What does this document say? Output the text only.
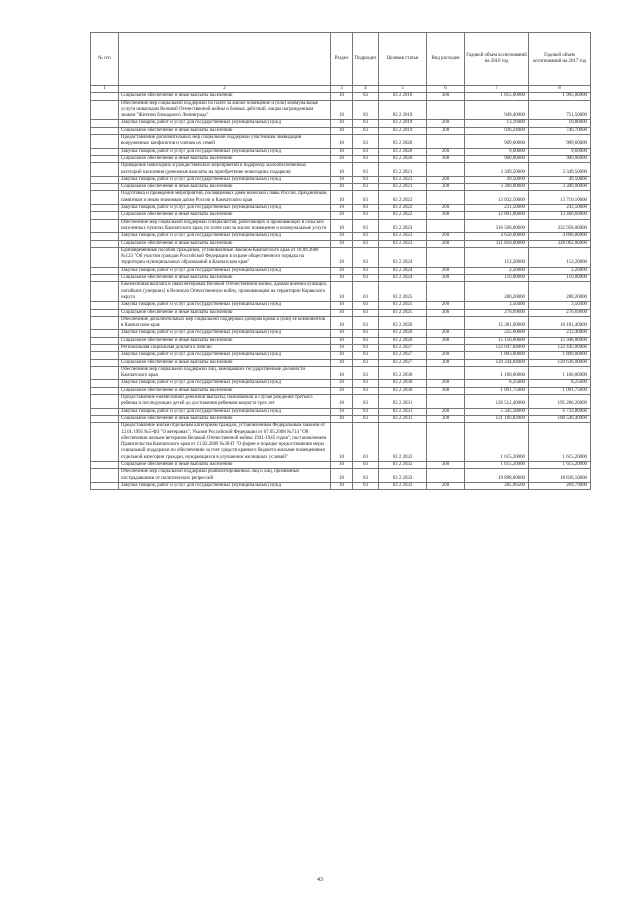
№ п/п		Раздел	Подраздел	Целевая статья	Вид расходов	Годовой объем ассигнований на 2016 год	Годовой объем ассигнований на 2017 год
1	2	3	4	5	6	7	8

	Социальное обеспечение и иные выплаты населению	10	03	03 2 2018	300	1 815,00000	1 905,00000

	Обеспечение мер социальной поддержки по плате за жилое помещение и (или) коммунальные услуги инвалидам Великой Отечественной войны и боевых действий, лицам награжденным знаком "Жителю блокадного Ленинграда"	10	03	03 2 2019		949,40000	751,50000

	Закупка товаров, работ и услуг для государственных (муниципальных) нужд	10	03	03 2 2019	200	13,16000	10,80000

	Социальное обеспечение и иные выплаты населению	10	03	03 2 2019	300	936,24000	740,70000

	Предоставление дополнительных мер социальной поддержки участникам ликвидации вооруженных конфликтов и членам их семей	10	03	03 2 2020		909,60000	909,60000

	Закупка товаров, работ и услуг для государственных (муниципальных) нужд	10	03	03 2 2020	200	9,60000	9,60000

	Социальное обеспечение и иные выплаты населению	10	03	03 2 2020	300	900,00000	900,00000

	Проведение новогодних и рождественских мероприятий в подарочку малообеспеченных категорий населения (денежные выплаты на приобретение новогодних подарков)	10	03	03 2 2021		3 349,50000	3 349,50000

	Закупка товаров, работ и услуг для государственных (муниципальных) нужд	10	03	03 2 2021	200	49,50000	49,50000

	Социальное обеспечение и иные выплаты населению	10	03	03 2 2021	300	3 300,00000	3 300,00000

	Подготовка и проведение мероприятий, посвященных дням воинской славы России, праздничным, памятным и иным значимым датам России и Камчатского края	10	03	03 2 2022		13 032,50000	13 710,10000

	Закупка товаров, работ и услуг для государственных (муниципальных) нужд	10	03	03 2 2022	200	231,50000	243,50000

	Социальное обеспечение и иные выплаты населению	10	03	03 2 2022	300	12 801,00000	13 466,60000

	Обеспечение мер социальной поддержки специалистов, работающих и проживающих в сельских населенных пунктах Камчатского края, по плате или за жилое помещение и коммунальные услуги	10	03	03 2 2023		316 500,00000	332 958,00000

	Закупка товаров, работ и услуг для государственных (муниципальных) нужд	10	03	03 2 2023	200	4 650,00000	4 896,00000

	Социальное обеспечение и иные выплаты населению	10	03	03 2 2023	300	311 850,00000	328 062,00000

	Единовременные пособия гражданам, установленные Законом Камчатского края от 18.09.2008 №123 "Об участии граждан Российской Федерации в охране общественного порядка на территории муниципальных образований в Камчатском крае"	10	03	03 2 2024		112,20000	112,20000

	Закупка товаров, работ и услуг для государственных (муниципальных) нужд	10	03	03 2 2024	200	2,20000	2,20000

	Социальное обеспечение и иные выплаты населению	10	03	03 2 2024	300	110,00000	110,00000

	Ежемесячная выплата в связи ветеранам Великой Отечественной войны, вдовам военнослужащих, погибших (умерших) в Великую Отечественную войну, проживающим на территории Корякского округа	10	03	03 2 2025		280,20000	280,20000

	Закупка товаров, работ и услуг для государственных (муниципальных) нужд	10	03	03 2 2025	200	3,50400	3,50400

	Социальное обеспечение и иные выплаты населению	10	03	03 2 2025	300	276,69600	276,69600

	Обеспечение дополнительных мер социальной поддержки донорам крови и (или) ее компонентов в Камчатском крае	10	03	03 2 2026		15 381,60000	16 181,40000

	Закупка товаров, работ и услуг для государственных (муниципальных) нужд	10	03	03 2 2026	200	225,60000	233,40000

	Социальное обеспечение и иные выплаты населению	10	03	03 2 2026	300	15 156,00000	15 948,00000

	Региональная социальная доплата к пенсии	10	03	03 2 2027		122 047,84000	122 445,00000

	Закупка товаров, работ и услуг для государственных (муниципальных) нужд	10	03	03 2 2027	200	1 803,00000	1 809,00000

	Социальное обеспечение и иные выплаты населению	10	03	03 2 2027	300	120 244,84000	120 636,00000

	Обеспечение мер социальной поддержки лиц, замещавших государственные должности Камчатского края	10	03	03 2 2030		1 100,00000	1 100,00000

	Закупка товаров, работ и услуг для государственных (муниципальных) нужд	10	03	03 2 2030	200	8,25000	8,25000

	Социальное обеспечение и иные выплаты населению	10	03	03 2 2030	300	1 091,75000	1 091,75000

	Предоставление ежемесячной денежной выплаты, назначаемой в случае рождения третьего ребенка и последующих детей до достижения ребенком возраста трех лет	10	03	03 2 2031		126 512,40000	195 280,20000

	Закупка товаров, работ и услуг для государственных (муниципальных) нужд	10	03	03 2 2031	200	5 345,58000	6 733,80000

	Социальное обеспечение и иные выплаты населению	10	03	03 2 2031	300	121 166,82000	188 546,40000

	Предоставление жилья отдельным категориям граждан, установленным Федеральным законом от 12.01.1995 №5-ФЗ "О ветеранах", Указом Российской Федерации от 07.05.2008 №714 "Об обеспечении жильем ветеранов Великой Отечественной войны 1941-1945 годов", постановлением Правительства Камчатского края от 11.02.2009 №30-П "О форме и порядке предоставления меры социальной поддержки по обеспечению за счет средств краевого бюджета жилыми помещениями отдельной категории граждан, нуждающихся в улучшении жилищных условий"	10	03	03 2 2032		1 615,20000	1 615,20000

	Социальное обеспечение и иные выплаты населению	10	03	03 2 2032	300	1 615,20000	1 615,20000

	Обеспечение мер социальной поддержки реабилитированных лиц и лиц, признанных пострадавшими от политических репрессий	10	03	03 2 2033		19 898,00000	18 836,10000

	Закупка товаров, работ и услуг для государственных (муниципальных) нужд	10	03	03 2 2033	200	285,06500	269,79000
43
